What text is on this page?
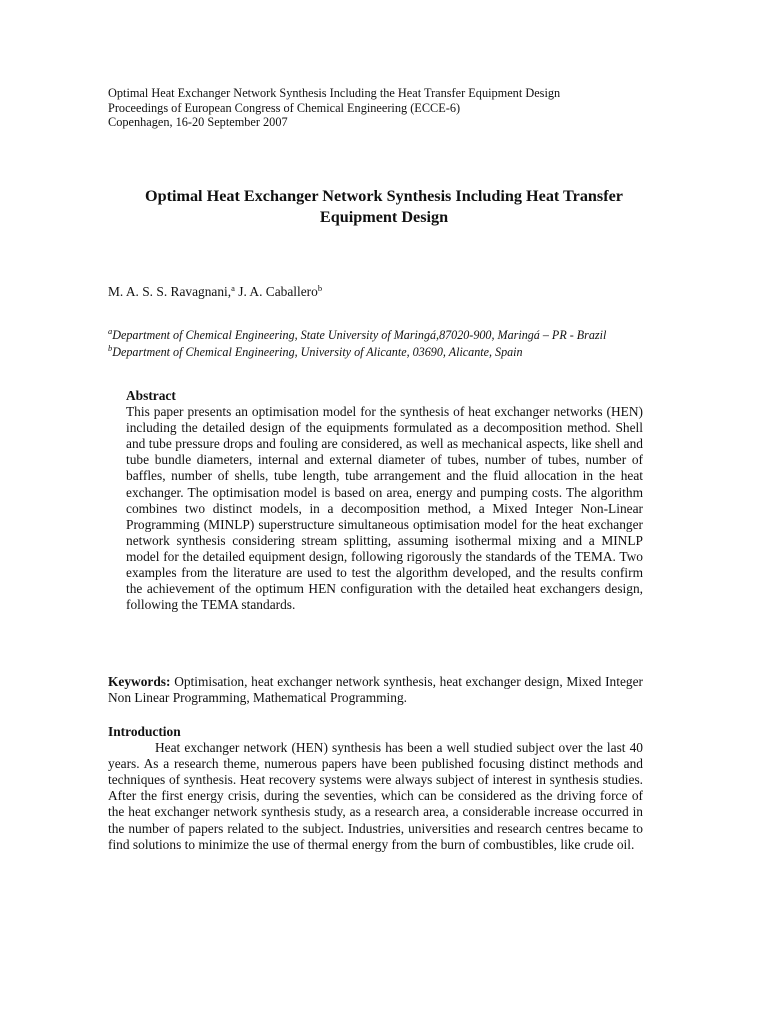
Optimal Heat Exchanger Network Synthesis Including the Heat Transfer Equipment Design
Proceedings of European Congress of Chemical Engineering (ECCE-6)
Copenhagen, 16-20 September 2007
Optimal Heat Exchanger Network Synthesis Including Heat Transfer Equipment Design
M. A. S. S. Ravagnani,$^a$ J. A. Caballero$^b$
$^a$Department of Chemical Engineering, State University of Maringá,87020-900, Maringá – PR - Brazil
$^b$Department of Chemical Engineering, University of Alicante, 03690, Alicante, Spain
Abstract
This paper presents an optimisation model for the synthesis of heat exchanger networks (HEN) including the detailed design of the equipments formulated as a decomposition method. Shell and tube pressure drops and fouling are considered, as well as mechanical aspects, like shell and tube bundle diameters, internal and external diameter of tubes, number of tubes, number of baffles, number of shells, tube length, tube arrangement and the fluid allocation in the heat exchanger. The optimisation model is based on area, energy and pumping costs. The algorithm combines two distinct models, in a decomposition method, a Mixed Integer Non-Linear Programming (MINLP) superstructure simultaneous optimisation model for the heat exchanger network synthesis considering stream splitting, assuming isothermal mixing and a MINLP model for the detailed equipment design, following rigorously the standards of the TEMA. Two examples from the literature are used to test the algorithm developed, and the results confirm the achievement of the optimum HEN configuration with the detailed heat exchangers design, following the TEMA standards.
Keywords: Optimisation, heat exchanger network synthesis, heat exchanger design, Mixed Integer Non Linear Programming, Mathematical Programming.
Introduction
Heat exchanger network (HEN) synthesis has been a well studied subject over the last 40 years. As a research theme, numerous papers have been published focusing distinct methods and techniques of synthesis. Heat recovery systems were always subject of interest in synthesis studies. After the first energy crisis, during the seventies, which can be considered as the driving force of the heat exchanger network synthesis study, as a research area, a considerable increase occurred in the number of papers related to the subject. Industries, universities and research centres became to find solutions to minimize the use of thermal energy from the burn of combustibles, like crude oil.
